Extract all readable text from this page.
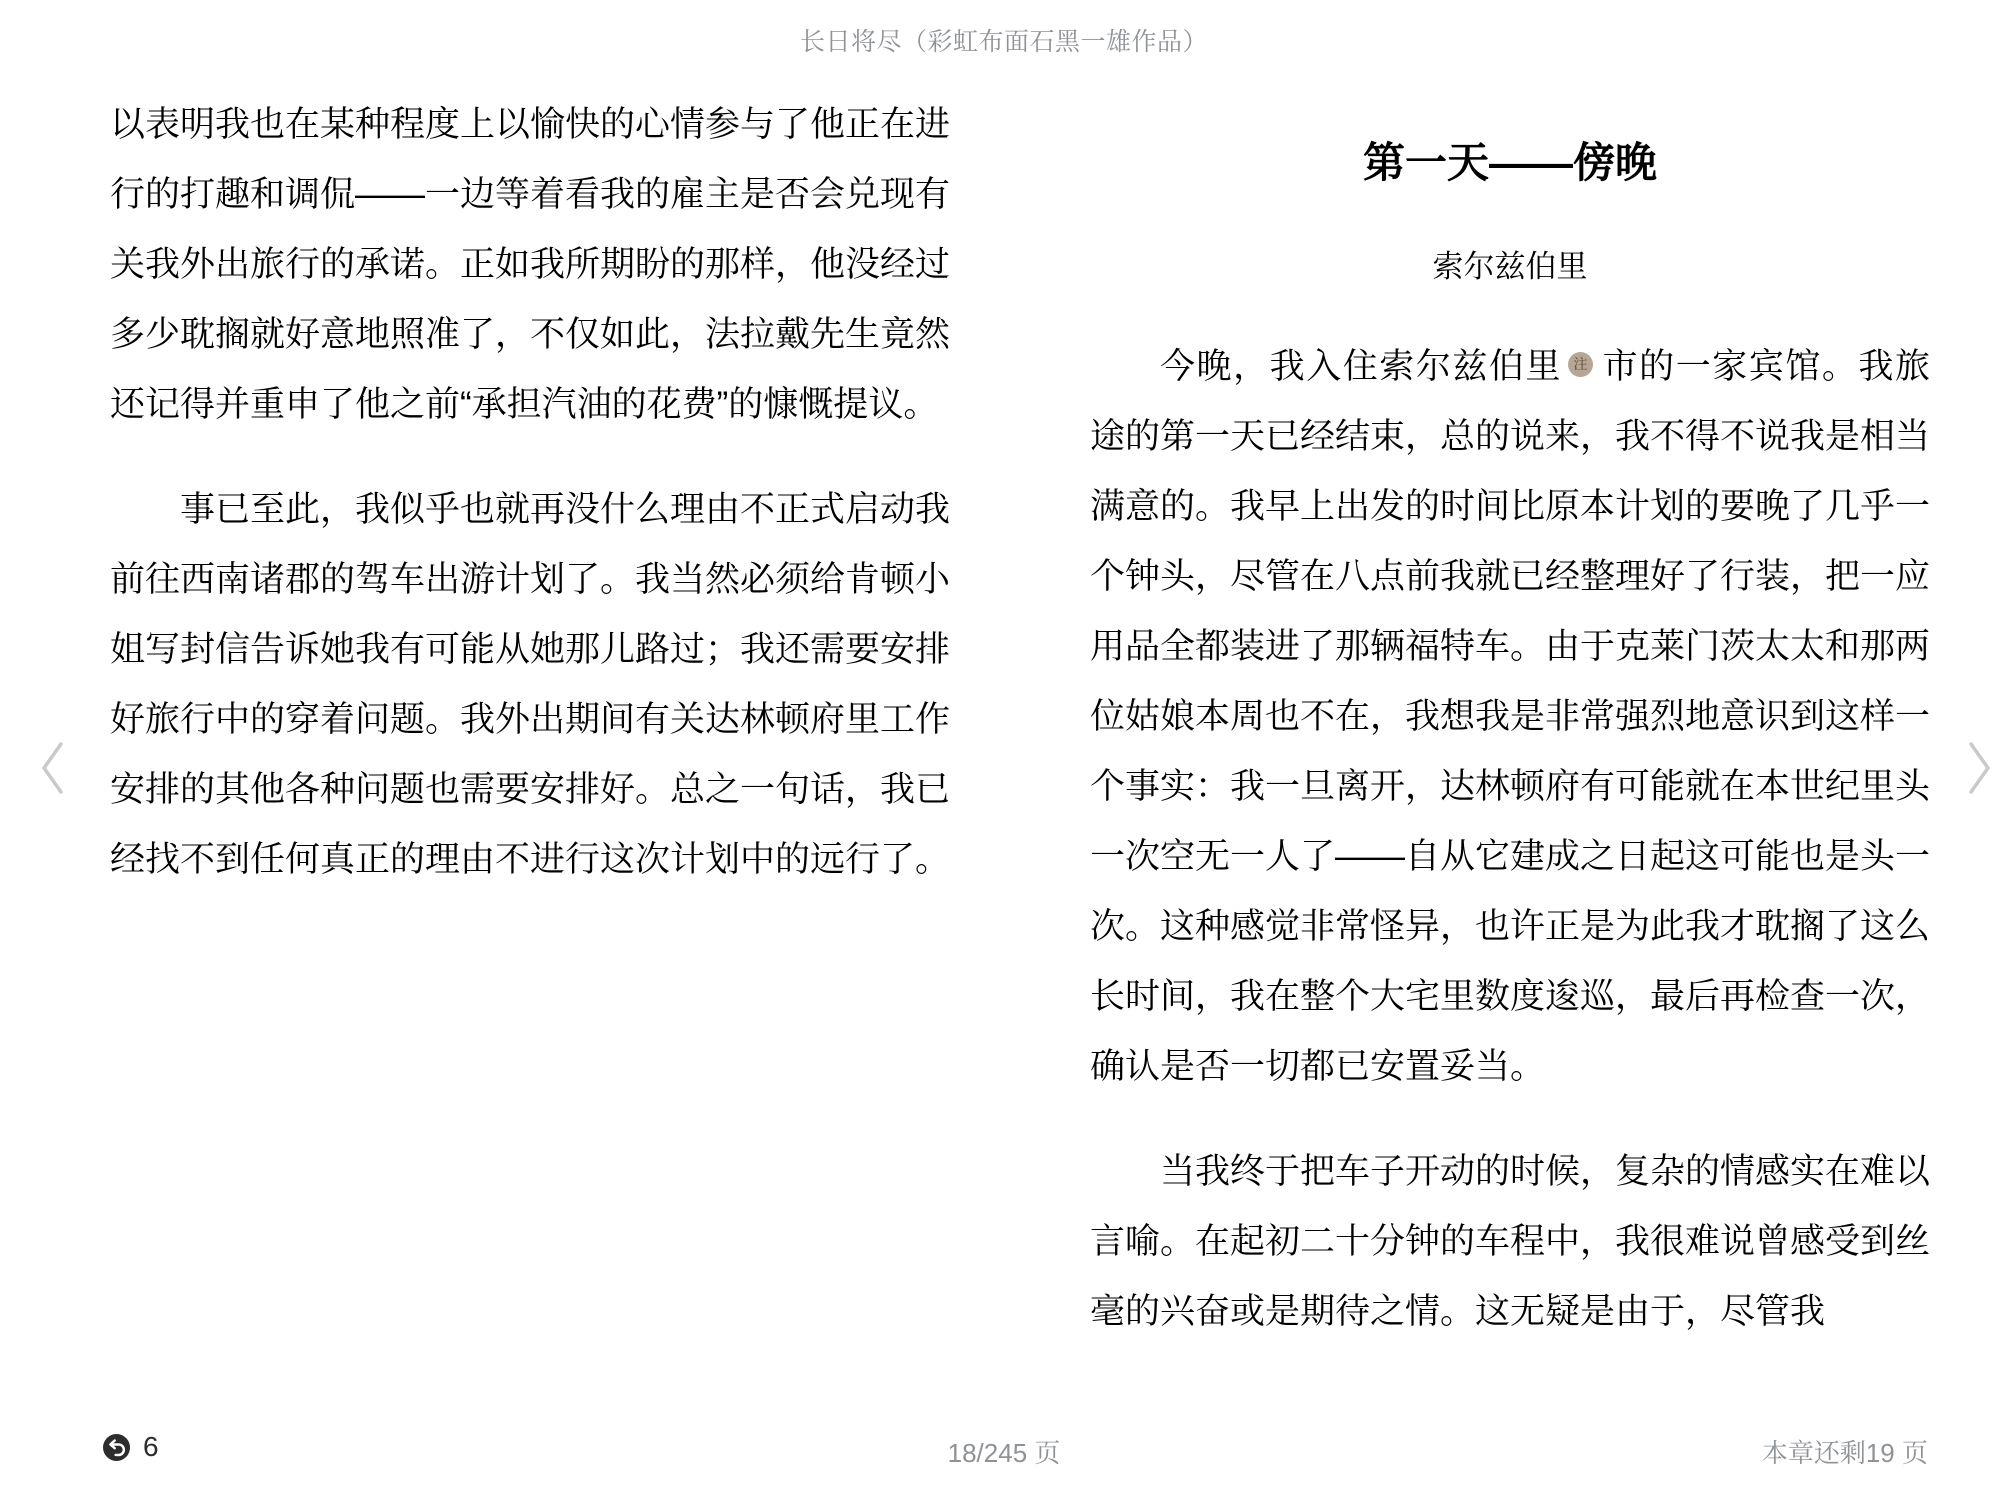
长日将尽（彩虹布面石黑一雄作品）

以表明我也在某种程度上以愉快的心情参与了他正在进行的打趣和调侃——一边等着看我的雇主是否会兑现有关我外出旅行的承诺。正如我所期盼的那样，他没经过多少耽搁就好意地照准了，不仅如此，法拉戴先生竟然还记得并重申了他之前“承担汽油的花费”的慷慨提议。

事已至此，我似乎也就再没什么理由不正式启动我前往西南诸郡的驾车出游计划了。我当然必须给肯顿小姐写封信告诉她我有可能从她那儿路过；我还需要安排好旅行中的穿着问题。我外出期间有关达林顿府里工作安排的其他各种问题也需要安排好。总之一句话，我已经找不到任何真正的理由不进行这次计划中的远行了。

第一天——傍晚
索尔兹伯里

今晚，我入住索尔兹伯里 注 市的一家宾馆。我旅途的第一天已经结束，总的说来，我不得不说我是相当满意的。我早上出发的时间比原本计划的要晚了几乎一个钟头，尽管在八点前我就已经整理好了行装，把一应用品全都装进了那辆福特车。由于克莱门茨太太和那两位姑娘本周也不在，我想我是非常强烈地意识到这样一个事实：我一旦离开，达林顿府有可能就在本世纪里头一次空无一人了——自从它建成之日起这可能也是头一次。这种感觉非常怪异，也许正是为此我才耽搁了这么长时间，我在整个大宅里数度逡巡，最后再检查一次，确认是否一切都已安置妥当。

当我终于把车子开动的时候，复杂的情感实在难以言喻。在起初二十分钟的车程中，我很难说曾感受到丝毫的兴奋或是期待之情。这无疑是由于，尽管我

6	18/245 页	本章还剩19 页
